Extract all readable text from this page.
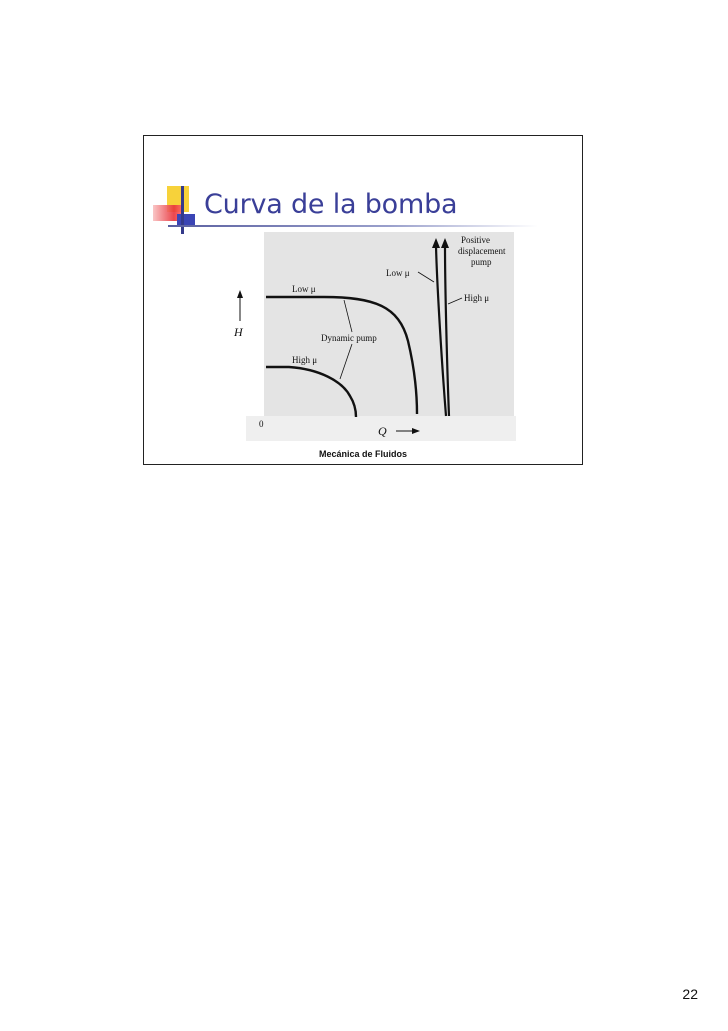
Curva de la bomba
H
0	Q
Low μ
High μ
Dynamic pump
Low μ
High μ
Positive
displacement
pump
Mecánica de Fluidos
22
